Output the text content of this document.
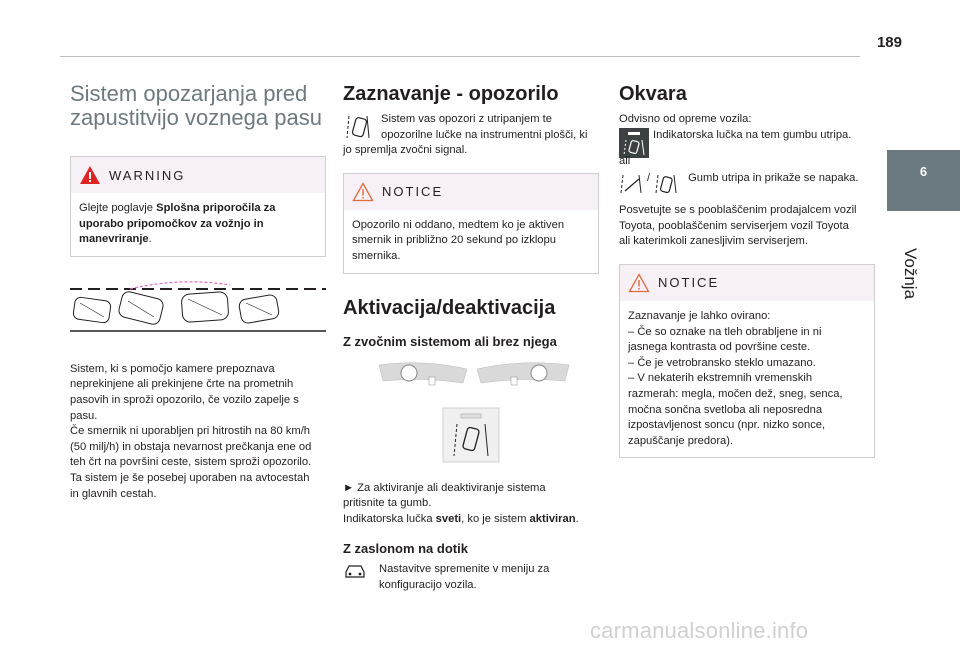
189
6
Vožnja
Sistem opozarjanja pred
zapustitvijo voznega pasu
WARNING
Glejte poglavje Splošna priporočila za uporabo pripomočkov za vožnjo in manevriranje.
Sistem, ki s pomočjo kamere prepoznava
neprekinjene ali prekinjene črte na prometnih
pasovih in sproži opozorilo, če vozilo zapelje s
pasu.
Če smernik ni uporabljen pri hitrostih na 80 km/h
(50 milj/h) in obstaja nevarnost prečkanja ene od
teh črt na površini ceste, sistem sproži opozorilo.
Ta sistem je še posebej uporaben na avtocestah
in glavnih cestah.
Zaznavanje - opozorilo
Sistem vas opozori z utripanjem te
opozorilne lučke na instrumentni plošči, ki
jo spremlja zvočni signal.
NOTICE
Opozorilo ni oddano, medtem ko je aktiven
smernik in približno 20 sekund po izklopu
smernika.
Aktivacija/deaktivacija
Z zvočnim sistemom ali brez njega

► Za aktiviranje ali deaktiviranje sistema
pritisnite ta gumb.
Indikatorska lučka sveti, ko je sistem aktiviran.
Z zaslonom na dotik
Nastavitve spremenite v meniju za
konfiguracijo vozila.
Okvara
Odvisno od opreme vozila:
Indikatorska lučka na tem gumbu utripa.
ali
/	Gumb utripa in prikaže se napaka.
Posvetujte se s pooblaščenim prodajalcem vozil
Toyota, pooblaščenim serviserjem vozil Toyota
ali katerimkoli zanesljivim serviserjem.
NOTICE
Zaznavanje je lahko ovirano:
– Če so oznake na tleh obrabljene in ni
jasnega kontrasta od površine ceste.
– Če je vetrobransko steklo umazano.
– V nekaterih ekstremnih vremenskih
razmerah: megla, močen dež, sneg, senca,
močna sončna svetloba ali neposredna
izpostavljenost soncu (npr. nizko sonce,
zapuščanje predora).
carmanualsonline.info
